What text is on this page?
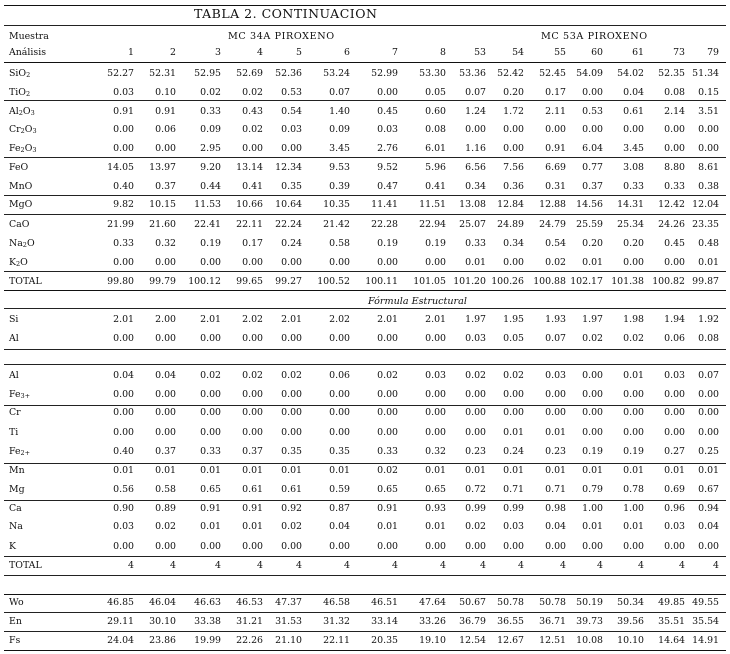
TABLA 2. CONTINUACION
Muestra
Análisis
MC 34A PIROXENO	MC 53A PIROXENO
Fórmula Estructural
1	2	3	4	5	6	7	8	53	54	55	60	61	73	79
SiO$_2$	52.27	52.31	52.95	52.69	52.36	53.24	52.99	53.30	53.36	52.42	52.45	54.09	54.02	52.35 51.34
TiO$_2$	0.03	0.10	0.02	0.02	0.53	0.07	0.00	0.05	0.07	0.20	0.17	0.00	0.04	0.08	0.15
$Al_2O_3$	0.91	0.91	0.33	0.43	0.54	1.40	0.45	0.60	1.24	1.72	2.11	0.53	0.61	2.14	3.51
$Cr_2O_3$	0.00	0.06	0.09	0.02	0.03	0.09	0.03	0.08	0.00	0.00	0.00	0.00	0.00	0.00	0.00
$Fe_2O_3$	0.00	0.00	2.95	0.00	0.00	3.45	2.76	6.01	1.16	0.00	0.91	6.04	3.45	0.00	0.00
FeO	14.05	13.97	9.20	13.14	12.34	9.53	9.52	5.96	6.56	7.56	6.69	0.77	3.08	8.80	8.61
MnO	0.40	0.37	0.44	0.41	0.35	0.39	0.47	0.41	0.34	0.36	0.31	0.37	0.33	0.33	0.38
MgO	9.82	10.15	11.53	10.66	10.64	10.35	11.41	11.51	13.08	12.84	12.88	14.56	14.31	12.42 12.04
CaO	21.99	21.60	22.41	22.11	22.24	21.42	22.28	22.94	25.07	24.89	24.79	25.59	25.34	24.26 23.35
$Na_2O$	0.33	0.32	0.19	0.17	0.24	0.58	0.19	0.19	0.33	0.34	0.54	0.20	0.20	0.45	0.48
$K_2O$	0.00	0.00	0.00	0.00	0.00	0.00	0.00	0.00	0.01	0.00	0.02	0.01	0.00	0.00	0.01
TOTAL	99.80	99.79	100.12	99.65	99.27	100.52	100.11	101.05 101.20 100.26 100.88 102.17 101.38 100.82 99.87
Si	2.01	2.00	2.01	2.02	2.01	2.02	2.01	2.01	1.97	1.95	1.93	1.97	1.98	1.94	1.92
Al	0.00	0.00	0.00	0.00	0.00	0.00	0.00	0.00	0.03	0.05	0.07	0.02	0.02	0.06	0.08
Al	0.04	0.04	0.02	0.02	0.02	0.06	0.02	0.03	0.02	0.02	0.03	0.00	0.01	0.03	0.07
$Fe_{3+}$	0.00	0.00	0.00	0.00	0.00	0.00	0.00	0.00	0.00	0.00	0.00	0.00	0.00	0.00	0.00
Cr	0.00	0.00	0.00	0.00	0.00	0.00	0.00	0.00	0.00	0.00	0.00	0.00	0.00	0.00	0.00
Ti	0.00	0.00	0.00	0.00	0.00	0.00	0.00	0.00	0.00	0.01	0.01	0.00	0.00	0.00	0.00
$Fe_{2+}$	0.40	0.37	0.33	0.37	0.35	0.35	0.33	0.32	0.23	0.24	0.23	0.19	0.19	0.27	0.25
Mn	0.01	0.01	0.01	0.01	0.01	0.01	0.02	0.01	0.01	0.01	0.01	0.01	0.01	0.01	0.01
Mg	0.56	0.58	0.65	0.61	0.61	0.59	0.65	0.65	0.72	0.71	0.71	0.79	0.78	0.69	0.67
Ca	0.90	0.89	0.91	0.91	0.92	0.87	0.91	0.93	0.99	0.99	0.98	1.00	1.00	0.96	0.94
Na	0.03	0.02	0.01	0.01	0.02	0.04	0.01	0.01	0.02	0.03	0.04	0.01	0.01	0.03	0.04
K	0.00	0.00	0.00	0.00	0.00	0.00	0.00	0.00	0.00	0.00	0.00	0.00	0.00	0.00	0.00
TOTAL	4	4	4	4	4	4	4	4	4	4	4	4	4	4	4
Wo	46.85	46.04	46.63	46.53	47.37	46.58	46.51	47.64	50.67	50.78	50.78	50.19	50.34	49.85 49.55
En	29.11	30.10	33.38	31.21	31.53	31.32	33.14	33.26	36.79	36.55	36.71	39.73	39.56	35.51 35.54
Fs	24.04	23.86	19.99	22.26	21.10	22.11	20.35	19.10	12.54	12.67	12.51	10.08	10.10	14.64 14.91
